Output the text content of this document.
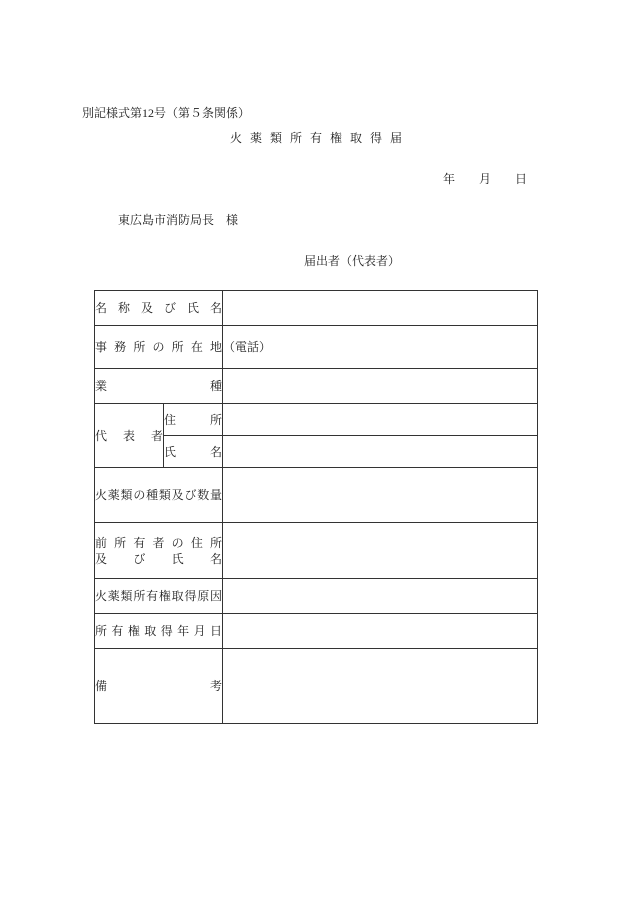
別記様式第12号（第５条関係）
火薬類所有権取得届
年　　月　　日
東広島市消防局長　様
届出者（代表者）
名 称 及 び 氏 名		
事 務 所 の 所 在 地		（電話）
業 種		
代 表 者	住 所	
	氏 名	
火薬類の種類及び数量		

前 所 有 者 の 住 所
及 び 氏 名		

火薬類所有権取得原因		
所 有 権 取 得 年 月 日		
備 考		
